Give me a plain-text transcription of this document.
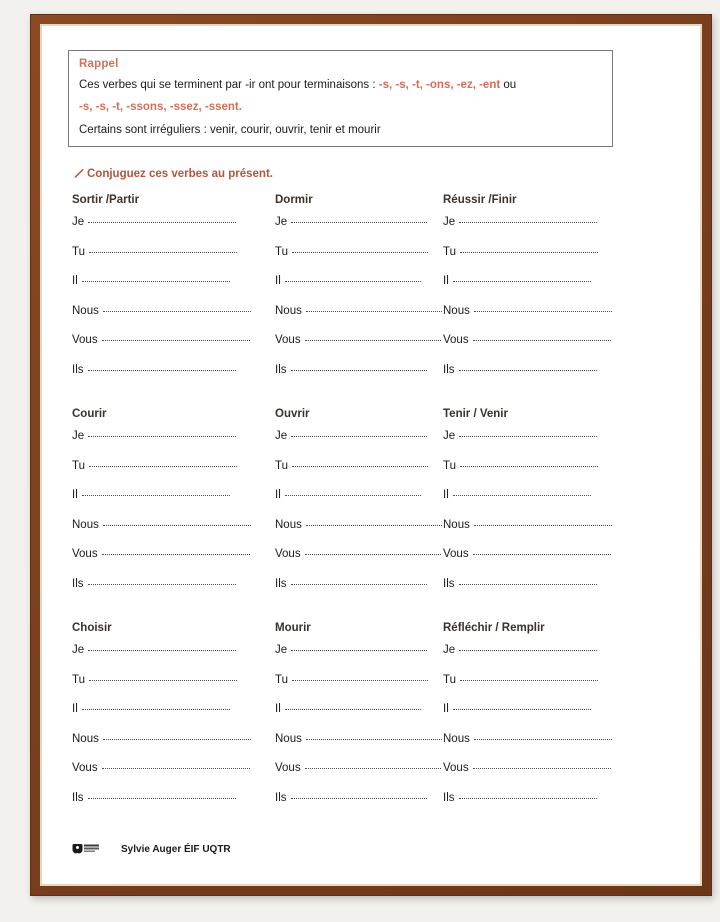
Rappel
Ces verbes qui se terminent par -ir ont pour terminaisons : -s, -s, -t, -ons, -ez, -ent ou
-s, -s, -t, -ssons, -ssez, -ssent.
Certains sont irréguliers : venir, courir, ouvrir, tenir et mourir
Conjuguez ces verbes au présent.
Sortir /Partir
Je
Tu
Il
Nous
Vous
Ils
Dormir
Je
Tu
Il
Nous
Vous
Ils
Réussir /Finir
Je
Tu
Il
Nous
Vous
Ils
Courir
Je
Tu
Il
Nous
Vous
Ils
Ouvrir
Je
Tu
Il
Nous
Vous
Ils
Tenir / Venir
Je
Tu
Il
Nous
Vous
Ils
Choisir
Je
Tu
Il
Nous
Vous
Ils
Mourir
Je
Tu
Il
Nous
Vous
Ils
Réfléchir / Remplir
Je
Tu
Il
Nous
Vous
Ils
Sylvie Auger ÉIF UQTR
